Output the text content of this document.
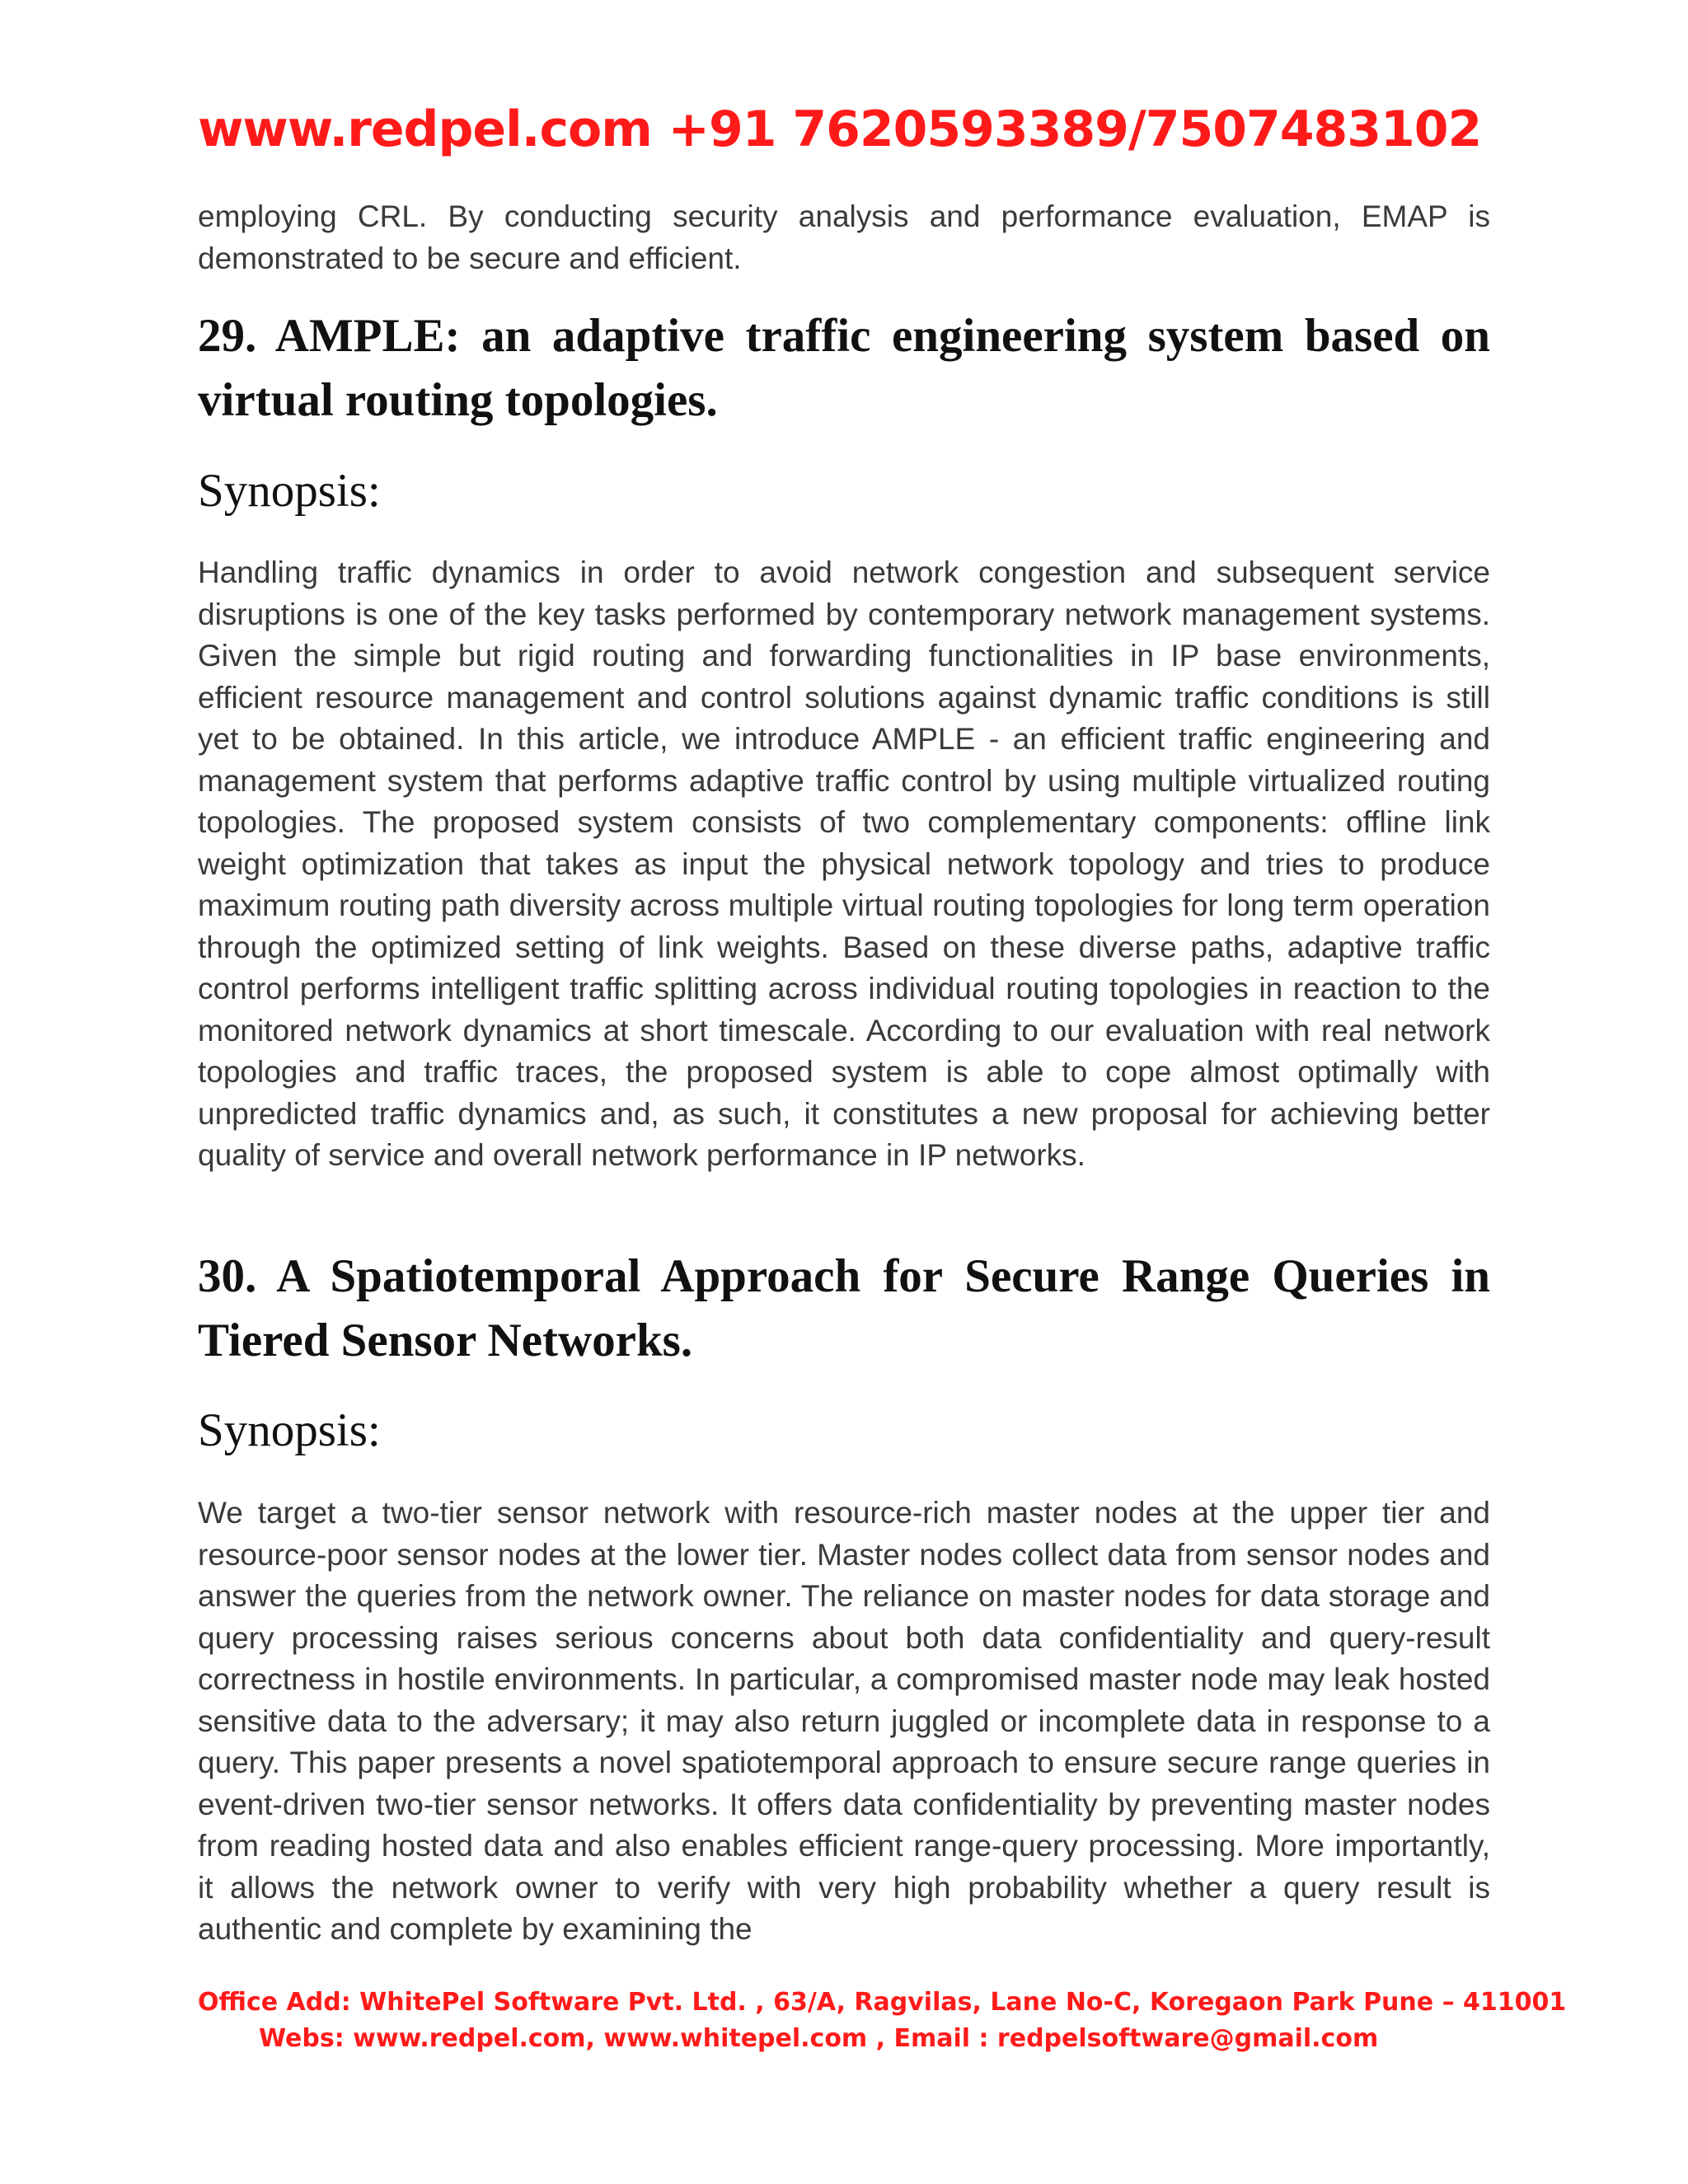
www.redpel.com +91 7620593389/7507483102

employing CRL. By conducting security analysis and performance evaluation, EMAP is demonstrated to be secure and efficient.

29. AMPLE: an adaptive traffic engineering system based on virtual routing topologies.
Synopsis:

Handling traffic dynamics in order to avoid network congestion and subsequent service disruptions is one of the key tasks performed by contemporary network management systems. Given the simple but rigid routing and forwarding functionalities in IP base environments, efficient resource management and control solutions against dynamic traffic conditions is still yet to be obtained. In this article, we introduce AMPLE - an efficient traffic engineering and management system that performs adaptive traffic control by using multiple virtualized routing topologies. The proposed system consists of two complementary components: offline link weight optimization that takes as input the physical network topology and tries to produce maximum routing path diversity across multiple virtual routing topologies for long term operation through the optimized setting of link weights. Based on these diverse paths, adaptive traffic control performs intelligent traffic splitting across individual routing topologies in reaction to the monitored network dynamics at short timescale. According to our evaluation with real network topologies and traffic traces, the proposed system is able to cope almost optimally with unpredicted traffic dynamics and, as such, it constitutes a new proposal for achieving better quality of service and overall network performance in IP networks.

30. A Spatiotemporal Approach for Secure Range Queries in Tiered Sensor Networks.
Synopsis:

We target a two-tier sensor network with resource-rich master nodes at the upper tier and resource-poor sensor nodes at the lower tier. Master nodes collect data from sensor nodes and answer the queries from the network owner. The reliance on master nodes for data storage and query processing raises serious concerns about both data confidentiality and query-result correctness in hostile environments. In particular, a compromised master node may leak hosted sensitive data to the adversary; it may also return juggled or incomplete data in response to a query. This paper presents a novel spatiotemporal approach to ensure secure range queries in event-driven two-tier sensor networks. It offers data confidentiality by preventing master nodes from reading hosted data and also enables efficient range-query processing. More importantly, it allows the network owner to verify with very high probability whether a query result is authentic and complete by examining the

Office Add: WhitePel Software Pvt. Ltd. , 63/A, Ragvilas, Lane No-C, Koregaon Park Pune – 411001
Webs: www.redpel.com, www.whitepel.com , Email : redpelsoftware@gmail.com
